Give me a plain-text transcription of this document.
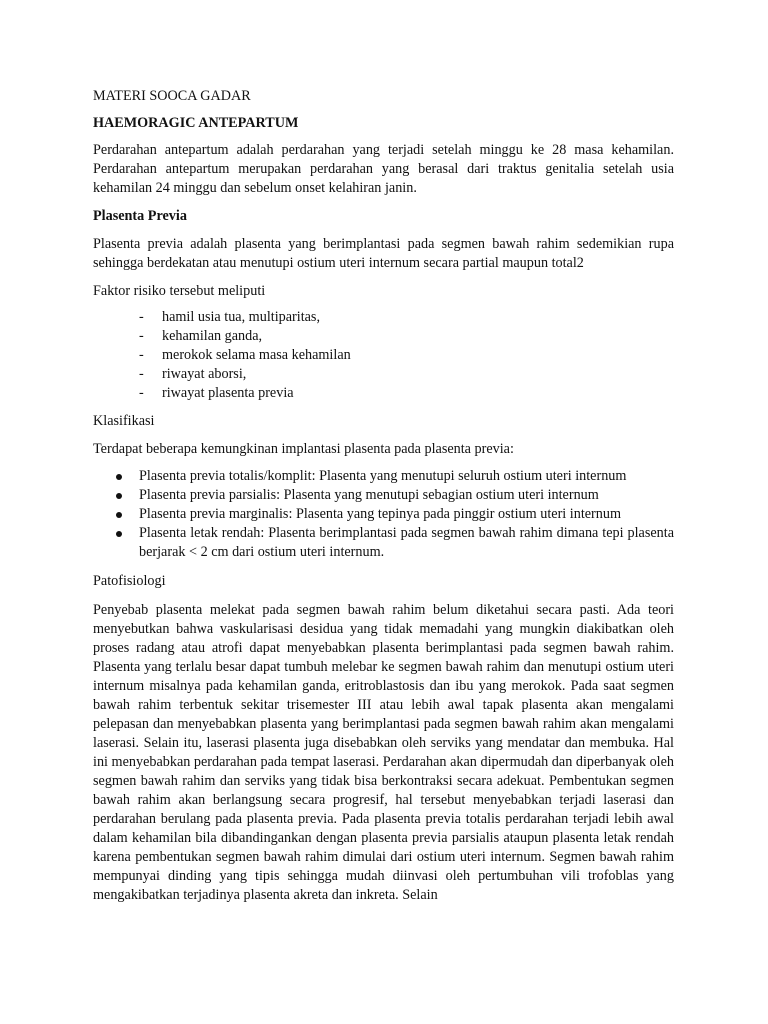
MATERI SOOCA GADAR

HAEMORAGIC ANTEPARTUM

Perdarahan antepartum adalah perdarahan yang terjadi setelah minggu ke 28 masa kehamilan. Perdarahan antepartum merupakan perdarahan yang berasal dari traktus genitalia setelah usia kehamilan 24 minggu dan sebelum onset kelahiran janin.

Plasenta Previa

Plasenta previa adalah plasenta yang berimplantasi pada segmen bawah rahim sedemikian rupa sehingga berdekatan atau menutupi ostium uteri internum secara partial maupun total2

Faktor risiko tersebut meliputi

- hamil usia tua, multiparitas,
- kehamilan ganda,
- merokok selama masa kehamilan
- riwayat aborsi,
- riwayat plasenta previa

Klasifikasi

Terdapat beberapa kemungkinan implantasi plasenta pada plasenta previa:

Plasenta previa totalis/komplit: Plasenta yang menutupi seluruh ostium uteri internum
Plasenta previa parsialis: Plasenta yang menutupi sebagian ostium uteri internum
Plasenta previa marginalis: Plasenta yang tepinya pada pinggir ostium uteri internum
Plasenta letak rendah: Plasenta berimplantasi pada segmen bawah rahim dimana tepi plasenta berjarak < 2 cm dari ostium uteri internum.

Patofisiologi

Penyebab plasenta melekat pada segmen bawah rahim belum diketahui secara pasti. Ada teori menyebutkan bahwa vaskularisasi desidua yang tidak memadahi yang mungkin diakibatkan oleh proses radang atau atrofi dapat menyebabkan plasenta berimplantasi pada segmen bawah rahim. Plasenta yang terlalu besar dapat tumbuh melebar ke segmen bawah rahim dan menutupi ostium uteri internum misalnya pada kehamilan ganda, eritroblastosis dan ibu yang merokok. Pada saat segmen bawah rahim terbentuk sekitar trisemester III atau lebih awal tapak plasenta akan mengalami pelepasan dan menyebabkan plasenta yang berimplantasi pada segmen bawah rahim akan mengalami laserasi. Selain itu, laserasi plasenta juga disebabkan oleh serviks yang mendatar dan membuka. Hal ini menyebabkan perdarahan pada tempat laserasi. Perdarahan akan dipermudah dan diperbanyak oleh segmen bawah rahim dan serviks yang tidak bisa berkontraksi secara adekuat. Pembentukan segmen bawah rahim akan berlangsung secara progresif, hal tersebut menyebabkan terjadi laserasi dan perdarahan berulang pada plasenta previa. Pada plasenta previa totalis perdarahan terjadi lebih awal dalam kehamilan bila dibandingankan dengan plasenta previa parsialis ataupun plasenta letak rendah karena pembentukan segmen bawah rahim dimulai dari ostium uteri internum. Segmen bawah rahim mempunyai dinding yang tipis sehingga mudah diinvasi oleh pertumbuhan vili trofoblas yang mengakibatkan terjadinya plasenta akreta dan inkreta. Selain
